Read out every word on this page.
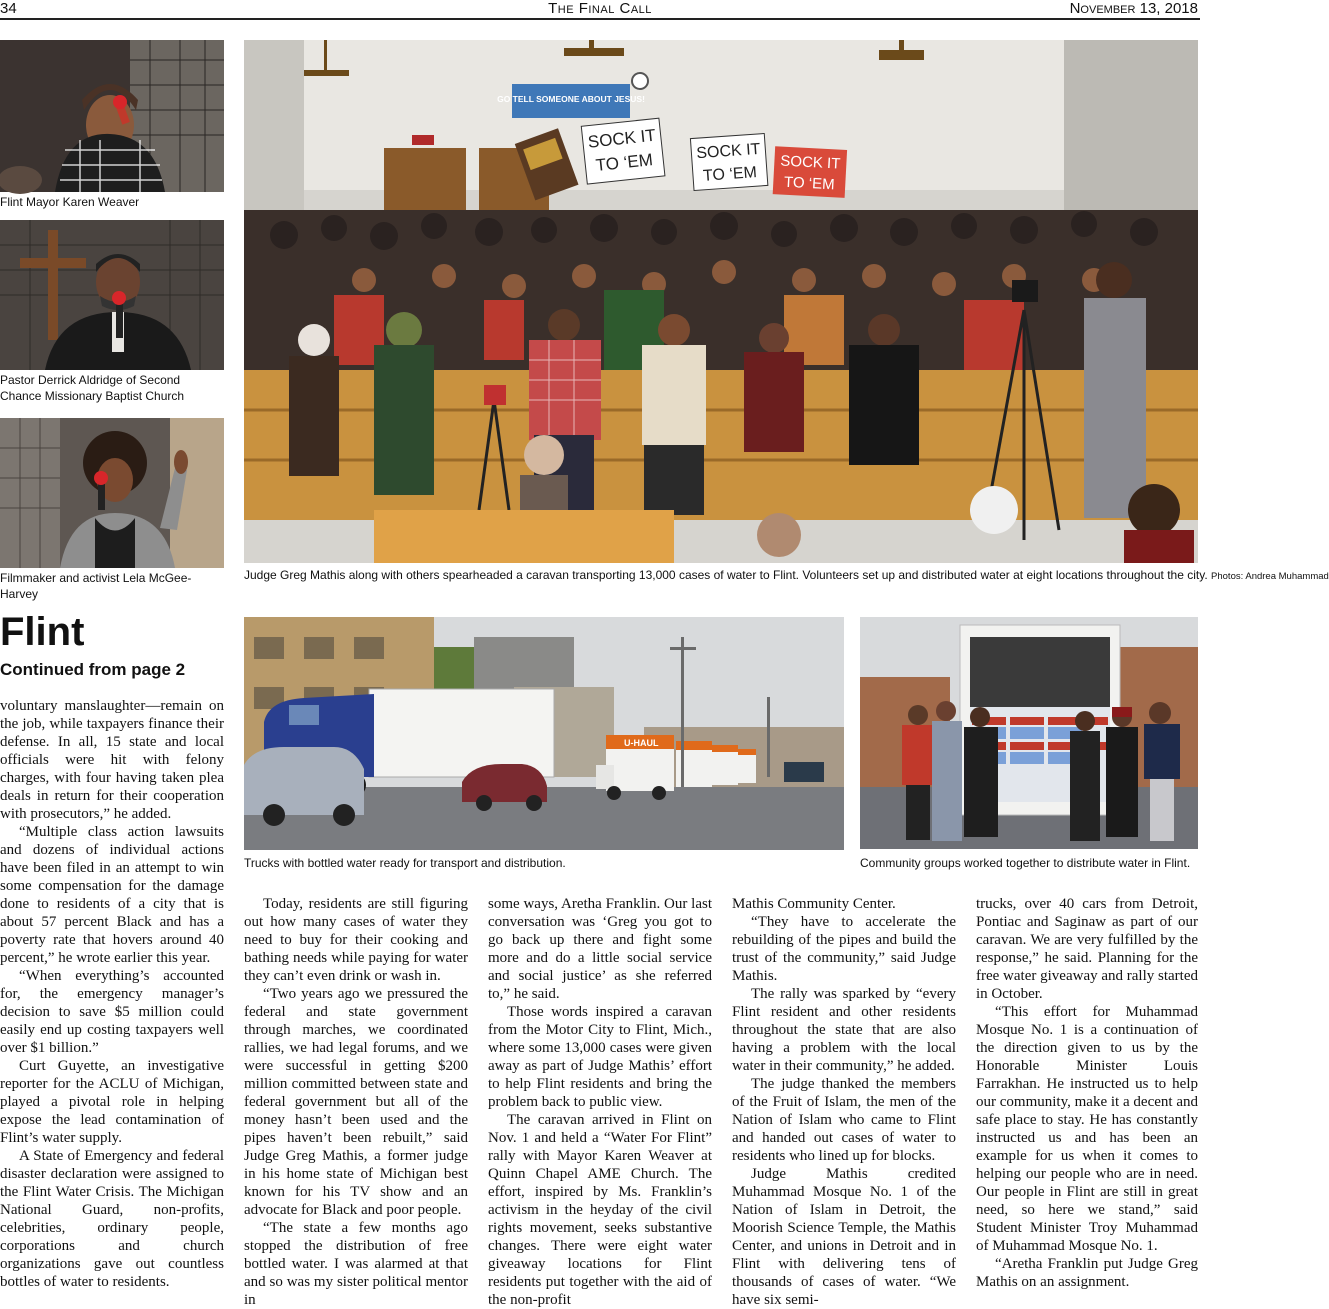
34	The Final Call	November 13, 2018
Flint Mayor Karen Weaver
Pastor Derrick Aldridge of Second Chance Missionary Baptist Church
Filmmaker and activist Lela McGee-Harvey
GO TELL SOMEONE ABOUT JESUS!
SOCK IT
TO ‘EM	SOCK IT
TO ‘EM
SOCK IT
TO ‘EM
Judge Greg Mathis along with others spearheaded a caravan transporting 13,000 cases of water to Flint. Volunteers set up and distributed water at eight locations throughout the city. Photos: Andrea Muhammad
Flint
Continued from page 2
U-HAUL
Trucks with bottled water ready for transport and distribution.	Community groups worked together to distribute water in Flint.

voluntary manslaughter—remain on the job, while taxpayers finance their defense. In all, 15 state and local officials were hit with felony charges, with four having taken plea deals in return for their cooperation with prosecutors,” he added.

“Multiple class action lawsuits and dozens of individual actions have been filed in an attempt to win some compensation for the damage done to residents of a city that is about 57 percent Black and has a poverty rate that hovers around 40 percent,” he wrote earlier this year.

“When everything’s accounted for, the emergency manager’s decision to save $5 million could easily end up costing taxpayers well over $1 billion.”

Curt Guyette, an investigative reporter for the ACLU of Michigan, played a pivotal role in helping expose the lead contamination of Flint’s water supply.

A State of Emergency and federal disaster declaration were assigned to the Flint Water Crisis. The Michigan National Guard, non-profits, celebrities, ordinary people, corporations and church organizations gave out countless bottles of water to residents.

Today, residents are still figuring out how many cases of water they need to buy for their cooking and bathing needs while paying for water they can’t even drink or wash in.

“Two years ago we pressured the federal and state government through marches, we coordinated rallies, we had legal forums, and we were successful in getting $200 million committed between state and federal government but all of the money hasn’t been used and the pipes haven’t been rebuilt,” said Judge Greg Mathis, a former judge in his home state of Michigan best known for his TV show and an advocate for Black and poor people.

“The state a few months ago stopped the distribution of free bottled water. I was alarmed at that and so was my sister political mentor in

some ways, Aretha Franklin. Our last conversation was ‘Greg you got to go back up there and fight some more and do a little social service and social justice’ as she referred to,” he said.

Those words inspired a caravan from the Motor City to Flint, Mich., where some 13,000 cases were given away as part of Judge Mathis’ effort to help Flint residents and bring the problem back to public view.

The caravan arrived in Flint on Nov. 1 and held a “Water For Flint” rally with Mayor Karen Weaver at Quinn Chapel AME Church. The effort, inspired by Ms. Franklin’s activism in the heyday of the civil rights movement, seeks substantive changes. There were eight water giveaway locations for Flint residents put together with the aid of the non-profit

Mathis Community Center.

“They have to accelerate the rebuilding of the pipes and build the trust of the community,” said Judge Mathis.

The rally was sparked by “every Flint resident and other residents throughout the state that are also having a problem with the local water in their community,” he added.

The judge thanked the members of the Fruit of Islam, the men of the Nation of Islam who came to Flint and handed out cases of water to residents who lined up for blocks.

Judge Mathis credited Muhammad Mosque No. 1 of the Nation of Islam in Detroit, the Moorish Science Temple, the Mathis Center, and unions in Detroit and in Flint with delivering tens of thousands of cases of water. “We have six semi-

trucks, over 40 cars from Detroit, Pontiac and Saginaw as part of our caravan. We are very fulfilled by the response,” he said. Planning for the free water giveaway and rally started in October.

“This effort for Muhammad Mosque No. 1 is a continuation of the direction given to us by the Honorable Minister Louis Farrakhan. He instructed us to help our community, make it a decent and safe place to stay. He has constantly instructed us and has been an example for us when it comes to helping our people who are in need. Our people in Flint are still in great need, so here we stand,” said Student Minister Troy Muhammad of Muhammad Mosque No. 1.

“Aretha Franklin put Judge Greg Mathis on an assignment.
